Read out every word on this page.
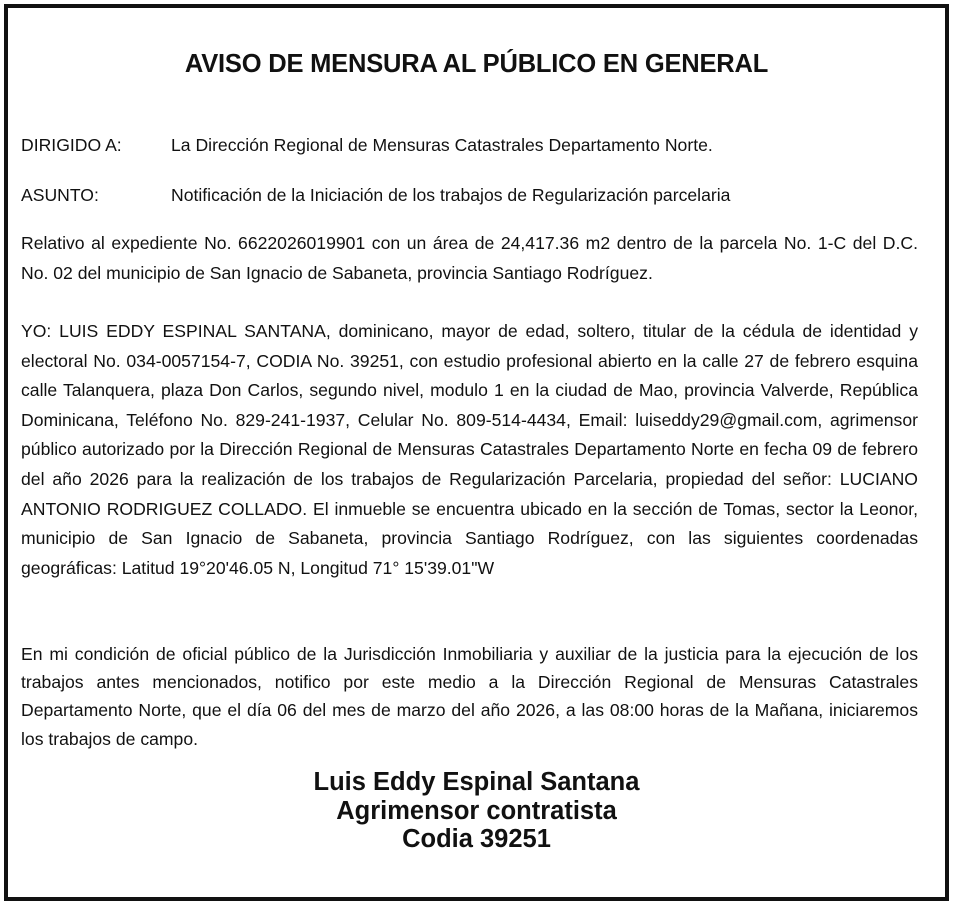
AVISO DE MENSURA AL PÚBLICO EN GENERAL
DIRIGIDO A:	La Dirección Regional de Mensuras Catastrales Departamento Norte.
ASUNTO:	Notificación de la Iniciación de los trabajos de Regularización parcelaria

Relativo al expediente No. 6622026019901 con un área de 24,417.36 m2 dentro de la parcela No. 1-C del D.C. No. 02 del municipio de San Ignacio de Sabaneta, provincia Santiago Rodríguez.

YO: LUIS EDDY ESPINAL SANTANA, dominicano, mayor de edad, soltero, titular de la cédula de identidad y electoral No. 034-0057154-7, CODIA No. 39251, con estudio profesional abierto en la calle 27 de febrero esquina calle Talanquera, plaza Don Carlos, segundo nivel, modulo 1 en la ciudad de Mao, provincia Valverde, República Dominicana, Teléfono No. 829-241-1937, Celular No. 809-514-4434, Email: luiseddy29@gmail.com, agrimensor público autorizado por la Dirección Regional de Mensuras Catastrales Departamento Norte en fecha 09 de febrero del año 2026 para la realización de los trabajos de Regularización Parcelaria, propiedad del señor: LUCIANO ANTONIO RODRIGUEZ COLLADO. El inmueble se encuentra ubicado en la sección de Tomas, sector la Leonor, municipio de San Ignacio de Sabaneta, provincia Santiago Rodríguez, con las siguientes coordenadas geográficas: Latitud 19°20'46.05 N, Longitud 71° 15'39.01"W

En mi condición de oficial público de la Jurisdicción Inmobiliaria y auxiliar de la justicia para la ejecución de los trabajos antes mencionados, notifico por este medio a la Dirección Regional de Mensuras Catastrales Departamento Norte, que el día 06 del mes de marzo del año 2026, a las 08:00 horas de la Mañana, iniciaremos los trabajos de campo.

Luis Eddy Espinal Santana
Agrimensor contratista
Codia 39251
